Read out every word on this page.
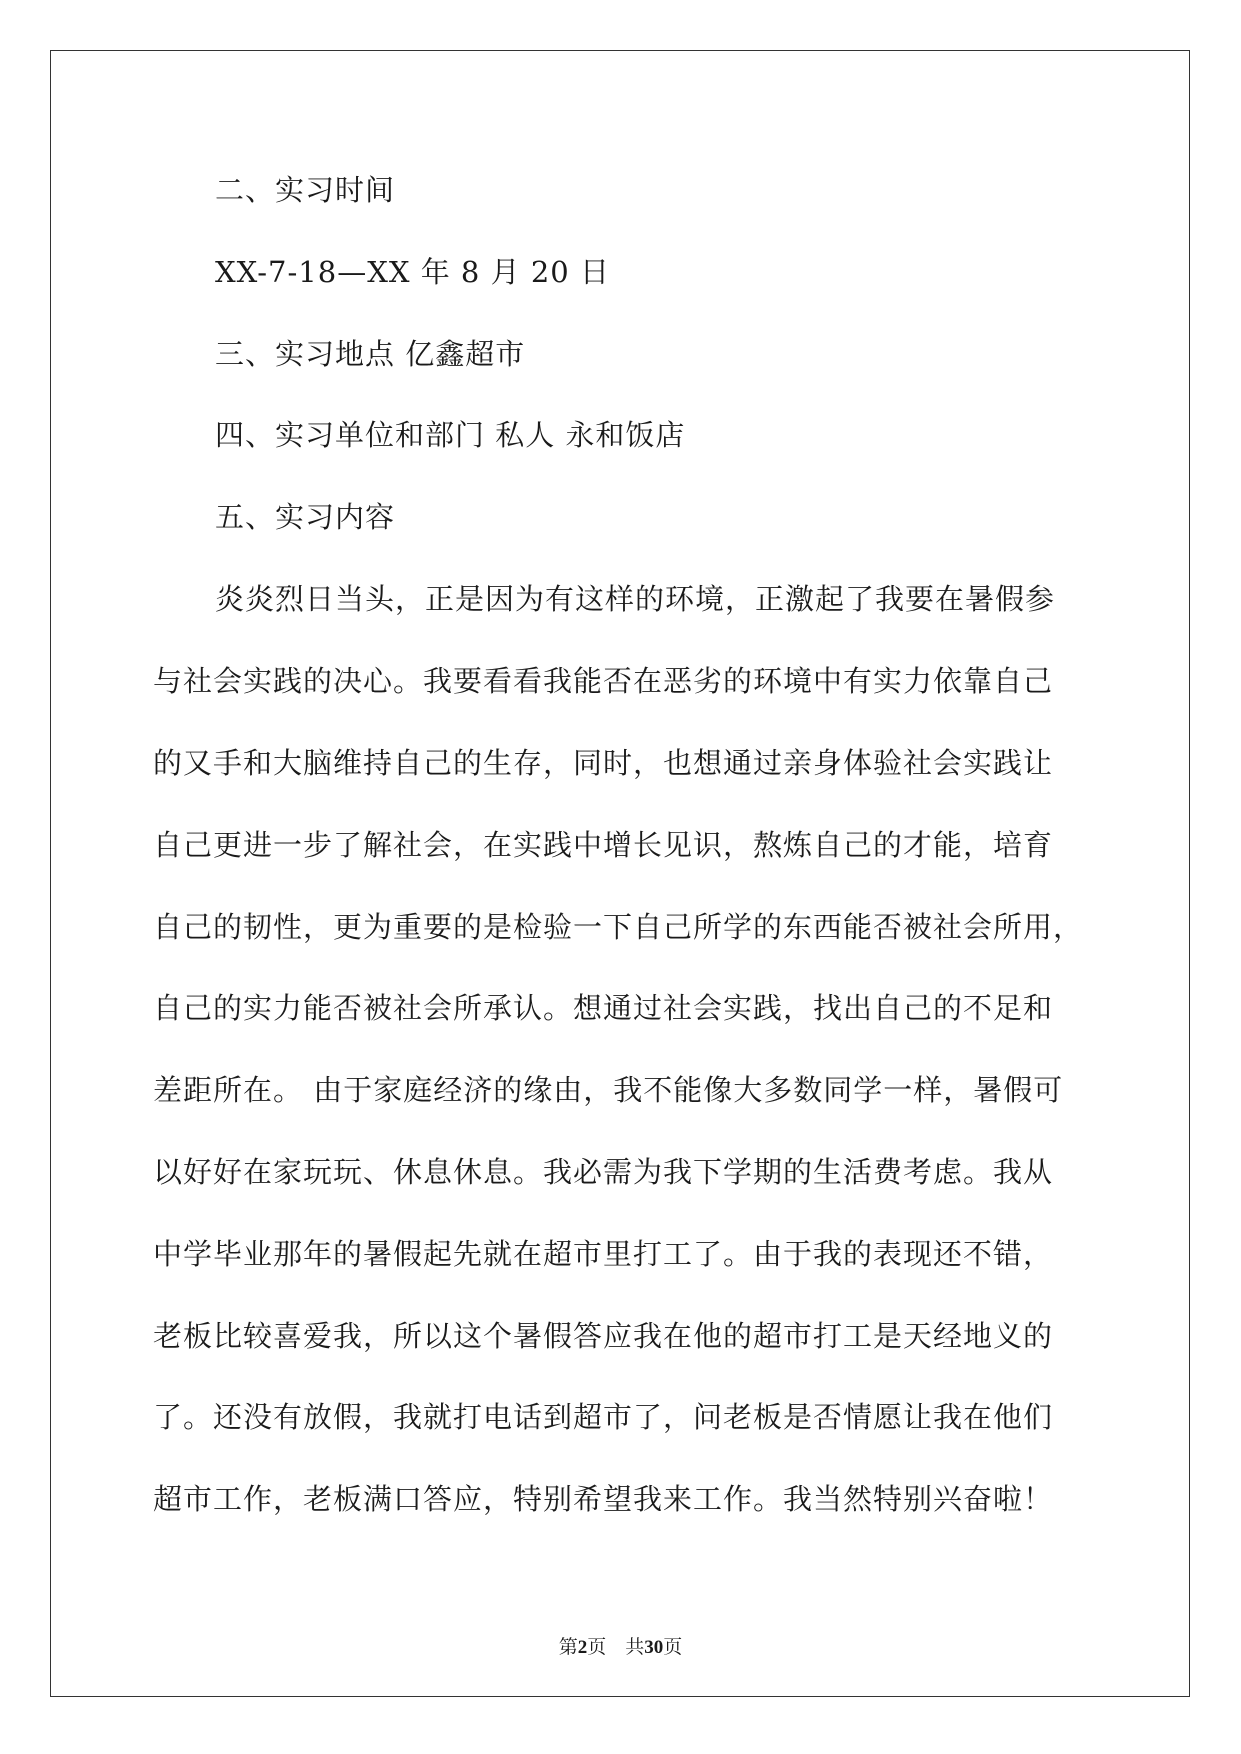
二、实习时间
XX-7-18—XX 年 8 月 20 日
三、实习地点 亿鑫超市
四、实习单位和部门 私人 永和饭店
五、实习内容
炎炎烈日当头，正是因为有这样的环境，正激起了我要在暑假参
与社会实践的决心。我要看看我能否在恶劣的环境中有实力依靠自己
的又手和大脑维持自己的生存，同时，也想通过亲身体验社会实践让
自己更进一步了解社会，在实践中增长见识，熬炼自己的才能，培育
自己的韧性，更为重要的是检验一下自己所学的东西能否被社会所用，
自己的实力能否被社会所承认。想通过社会实践，找出自己的不足和
差距所在。 由于家庭经济的缘由，我不能像大多数同学一样，暑假可
以好好在家玩玩、休息休息。我必需为我下学期的生活费考虑。我从
中学毕业那年的暑假起先就在超市里打工了。由于我的表现还不错，
老板比较喜爱我，所以这个暑假答应我在他的超市打工是天经地义的
了。还没有放假，我就打电话到超市了，问老板是否情愿让我在他们
超市工作，老板满口答应，特别希望我来工作。我当然特别兴奋啦！
第2页    共30页
